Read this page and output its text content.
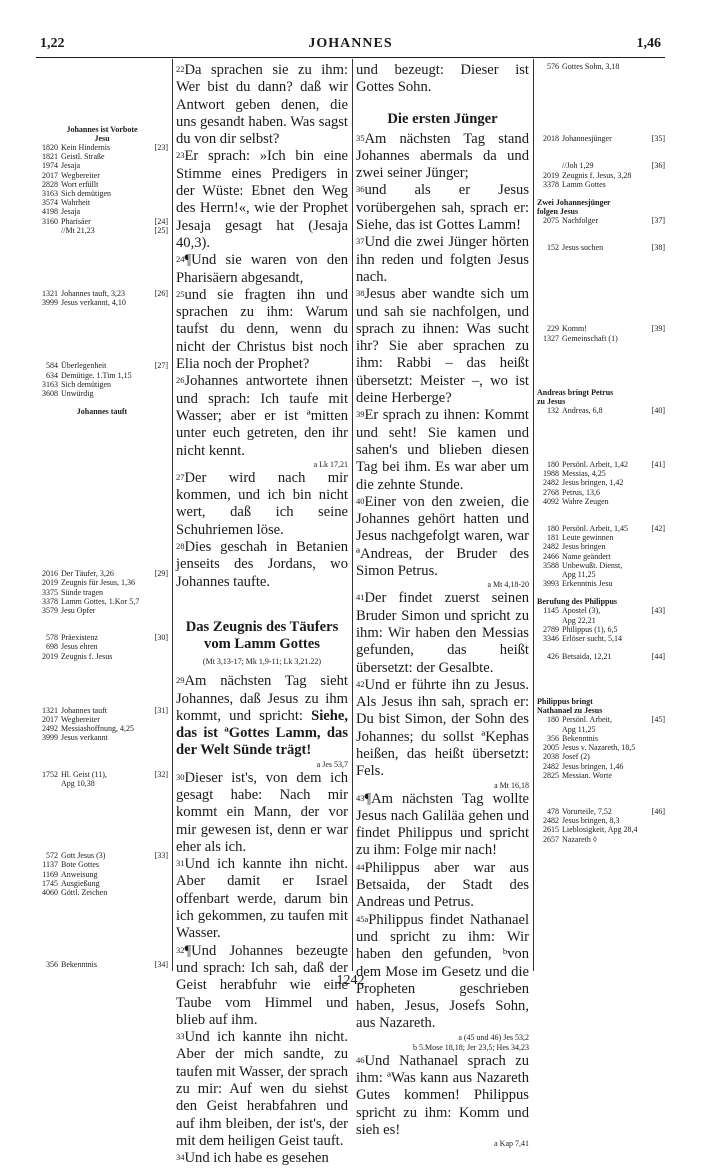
1,22	JOHANNES	1,46
Johannes ist Vorbote
Jesu
1820 Kein Hindernis	[23]
1821 Geistl. Straße
1974 Jesaja
2017 Wegbereiter
2828 Wort erfüllt
3163 Sich demütigen
3574 Wahrheit
4198 Jesaja
3160 Pharisäer	[24]
//Mt 21,23	[25]
1321 Johannes tauft, 3,23	[26]
3999 Jesus verkannt, 4,10
584 Überlegenheit	[27]
634 Demütige. 1.Tim 1,15
3163 Sich demütigen
3608 Unwürdig
Johannes tauft
2016 Der Täufer, 3,26	[29]
2019 Zeugnis für Jesus, 1,36
3375 Sünde tragen
3378 Lamm Gottes, 1.Kor 5,7
3579 Jesu Opfer
578 Präexistenz	[30]
698 Jesus ehren
2019 Zeugnis f. Jesus
1321 Johannes tauft	[31]
2017 Wegbereiter
2492 Messiashoffnung, 4,25
3999 Jesus verkannt
1752 Hl. Geist (11),	[32]
Apg 10,38
572 Gott Jesus (3)	[33]
1137 Bote Gottes
1169 Anweisung
1745 Ausgießung
4060 Göttl. Zeichen
356 Bekenntnis	[34]

$^{22}$Da sprachen sie zu ihm: Wer bist du dann? daß wir Antwort geben denen, die uns gesandt haben. Was sagst du von dir selbst?

$^{23}$Er sprach: »Ich bin eine Stimme eines Predigers in der Wüste: Ebnet den Weg des Herrn!«, wie der Prophet Jesaja gesagt hat (Jesaja 40,3).

$^{24}$¶Und sie waren von den Pharisäern abgesandt,

$^{25}$und sie fragten ihn und sprachen zu ihm: Warum taufst du denn, wenn du nicht der Christus bist noch Elia noch der Prophet?

$^{26}$Johannes antwortete ihnen und sprach: Ich taufe mit Wasser; aber er ist ªmitten unter euch getreten, den ihr nicht kennt.

a Lk 17,21

$^{27}$Der wird nach mir kommen, und ich bin nicht wert, daß ich seine Schuhriemen löse.

$^{28}$Dies geschah in Betanien jenseits des Jordans, wo Johannes taufte.

Das Zeugnis des Täufers
vom Lamm Gottes
(Mt 3,13-17; Mk 1,9-11; Lk 3,21.22)

$^{29}$Am nächsten Tag sieht Johannes, daß Jesus zu ihm kommt, und spricht: Siehe, das ist ªGottes Lamm, das der Welt Sünde trägt!

a Jes 53,7

$^{30}$Dieser ist's, von dem ich gesagt habe: Nach mir kommt ein Mann, der vor mir gewesen ist, denn er war eher als ich.

$^{31}$Und ich kannte ihn nicht. Aber damit er Israel offenbart werde, darum bin ich gekommen, zu taufen mit Wasser.

$^{32}$¶Und Johannes bezeugte und sprach: Ich sah, daß der Geist herabfuhr wie eine Taube vom Himmel und blieb auf ihm.

$^{33}$Und ich kannte ihn nicht. Aber der mich sandte, zu taufen mit Wasser, der sprach zu mir: Auf wen du siehst den Geist herabfahren und auf ihm bleiben, der ist's, der mit dem heiligen Geist tauft.

$^{34}$Und ich habe es gesehen

und bezeugt: Dieser ist Gottes Sohn.

Die ersten Jünger

$^{35}$Am nächsten Tag stand Johannes abermals da und zwei seiner Jünger;

$^{36}$und als er Jesus vorübergehen sah, sprach er: Siehe, das ist Gottes Lamm!

$^{37}$Und die zwei Jünger hörten ihn reden und folgten Jesus nach.

$^{38}$Jesus aber wandte sich um und sah sie nachfolgen, und sprach zu ihnen: Was sucht ihr? Sie aber sprachen zu ihm: Rabbi – das heißt übersetzt: Meister –, wo ist deine Herberge?

$^{39}$Er sprach zu ihnen: Kommt und seht! Sie kamen und sahen's und blieben diesen Tag bei ihm. Es war aber um die zehnte Stunde.

$^{40}$Einer von den zweien, die Johannes gehört hatten und Jesus nachgefolgt waren, war ªAndreas, der Bruder des Simon Petrus.

a Mt 4,18-20

$^{41}$Der findet zuerst seinen Bruder Simon und spricht zu ihm: Wir haben den Messias gefunden, das heißt übersetzt: der Gesalbte.

$^{42}$Und er führte ihn zu Jesus. Als Jesus ihn sah, sprach er: Du bist Simon, der Sohn des Johannes; du sollst ªKephas heißen, das heißt übersetzt: Fels.

a Mt 16,18

$^{43}$¶Am nächsten Tag wollte Jesus nach Galiläa gehen und findet Philippus und spricht zu ihm: Folge mir nach!

$^{44}$Philippus aber war aus Betsaida, der Stadt des Andreas und Petrus.

$^{45a}$Philippus findet Nathanael und spricht zu ihm: Wir haben den gefunden, ᵇvon dem Mose im Gesetz und die Propheten geschrieben haben, Jesus, Josefs Sohn, aus Nazareth.

a (45 und 46) Jes 53,2
b 5.Mose 18,18; Jer 23,5; Hes 34,23

$^{46}$Und Nathanael sprach zu ihm: ªWas kann aus Nazareth Gutes kommen! Philippus spricht zu ihm: Komm und sieh es!

a Kap 7,41
576 Gottes Sohn, 3,18
2018 Johannesjünger	[35]
//Joh 1,29	[36]
2019 Zeugnis f. Jesus, 3,28
3378 Lamm Gottes
Zwei Johannesjünger
folgen Jesus
2075 Nachfolger	[37]
152 Jesus suchen	[38]
229 Komm!	[39]
1327 Gemeinschaft (1)
Andreas bringt Petrus
zu Jesus
132 Andreas, 6,8	[40]
180 Persönl. Arbeit, 1,42	[41]
1988 Messias, 4,25
2482 Jesus bringen, 1,42
2768 Petrus, 13,6
4092 Wahre Zeugen
180 Persönl. Arbeit, 1,45	[42]
181 Leute gewinnen
2482 Jesus bringen
2466 Name geändert
3588 Unbewußt. Dienst,
Apg 11,25
3993 Erkenntnis Jesu
Berufung des Philippus
1145 Apostel (3),	[43]
Apg 22,21
2789 Philippus (1), 6,5
3346 Erlöser sucht, 5,14
426 Betsaida, 12,21	[44]
Philippus bringt
Nathanael zu Jesus
180 Persönl. Arbeit,	[45]
Apg 11,25
356 Bekenntnis
2005 Jesus v. Nazareth, 18,5
2038 Josef (2)
2482 Jesus bringen, 1,46
2825 Messian. Worte
478 Vorurteile, 7,52	[46]
2482 Jesus bringen, 8,3
2615 Lieblosigkeit, Apg 28,4
2657 Nazareth ◊
1242
